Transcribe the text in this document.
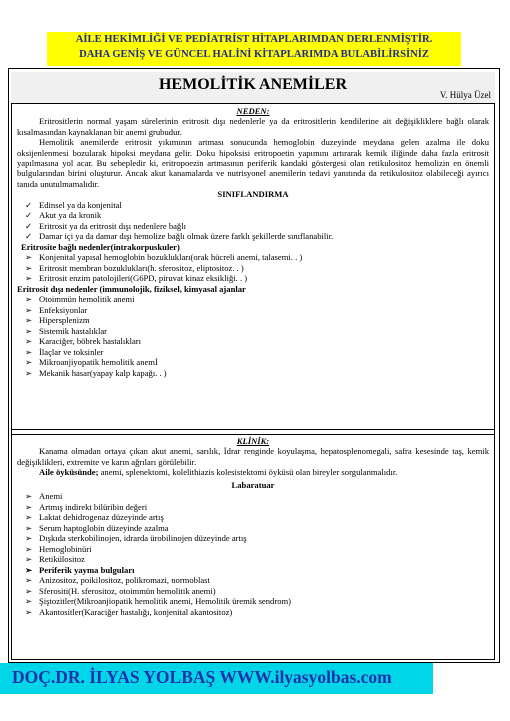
AİLE HEKİMLİĞİ VE PEDİATRİST HİTAPLARIMDAN DERLENMİŞTİR.
DAHA GENİŞ VE GÜNCEL HALİNİ KİTAPLARIMDA BULABİLİRSİNİZ
HEMOLİTİK ANEMİLER
V. Hülya Üzel
NEDEN:

Eritrositlerin normal yaşam sürelerinin eritrosit dışı nedenlerle ya da eritrositlerin kendilerine ait değişikliklere bağlı olarak kısalmasından kaynaklanan bir anemi grubudur.

Hemolitik anemilerde eritrosit yıkımının artması sonucunda hemoglobin duzeyinde meydana gelen azalma ile doku oksijenlenmesi bozularak hipoksi meydana gelir. Doku hipoksisi eritropoetin yapımını artırarak kemik iliğinde daha fazla eritrosit yapılmasına yol acar. Bu sebepledir ki, eritropoezin artmasının periferik kandaki göstergesi olan retikulositoz hemolizin en önemli bulgularından birini oluşturur. Ancak akut kanamalarda ve nutrisyonel anemilerin tedavi yanıtında da retikulositoz olabileceği ayırıcı tanıda unutulmamalıdır.

SINIFLANDIRMA
✓ Edinsel ya da konjenital
✓ Akut ya da kronik
✓ Eritrosit ya da eritrosit dışı nedenlere bağlı
✓ Damar içi ya da damar dışı hemolize bağlı olmak üzere farklı şekillerde sınıflanabilir.
Eritrosite bağlı nedenler(intrakorpuskuler)
➢ Konjenital yapısal hemoglobin bozuklukları(orak hücreli anemi, talasemi. . )
➢ Eritrosit membran bozuklukları(h. sferositoz, eliptositoz. . )
➢ Eritrosit enzim patolojileri(G6PD, piruvat kinaz eksikliği. . )
Eritrosit dışı nedenler (immunolojik, fiziksel, kimyasal ajanlar
➢ Otoimmün hemolitik anemi
➢ Enfeksiyonlar
➢ Hipersplenizm
➢ Sistemik hastalıklar
➢ Karaciğer, böbrek hastalıkları
➢ İlaçlar ve toksinler
➢ Mikroanjiyopatik hemolitik anemİ
➢ Mekanik hasar(yapay kalp kapağı. . )
KLİNİK:

Kanama olmadan ortaya çıkan akut anemi, sarılık, İdrar renginde koyulaşma, hepatosplenomegali, safra kesesinde taş, kemik değişiklikleri, extremite ve karın ağrıları görülebilir.

Aile öyküsünde; anemi, splenektomi, kolelithiazis kolesistektomi öyküsü olan bireyler sorgulanmalıdır.

Labaratuar
➢ Anemi
➢ Artmış indirekt bilüribin değeri
➢ Laktat dehidrogenaz düzeyinde artış
➢ Serum haptoglobin düzeyinde azalma
➢ Dışkıda sterkobilinojen, idrarda ürobilinojen düzeyinde artış
➢ Hemoglobinüri
➢ Retikülositoz
➢ Periferik yayma bulguları
➢ Anizositoz, poikilositoz, polikromazi, normoblast
➢ Sferositi(H. sferositoz, otoimmün hemolitik anemi)
➢ Şiştozitler(Mikroanjiopatik hemolitik anemi, Hemolitik üremik sendrom)
➢ Akantositler(Karaciğer hastalığı, konjenital akantositoz)
DOÇ.DR. İLYAS YOLBAŞ WWW.ilyasyolbas.com
